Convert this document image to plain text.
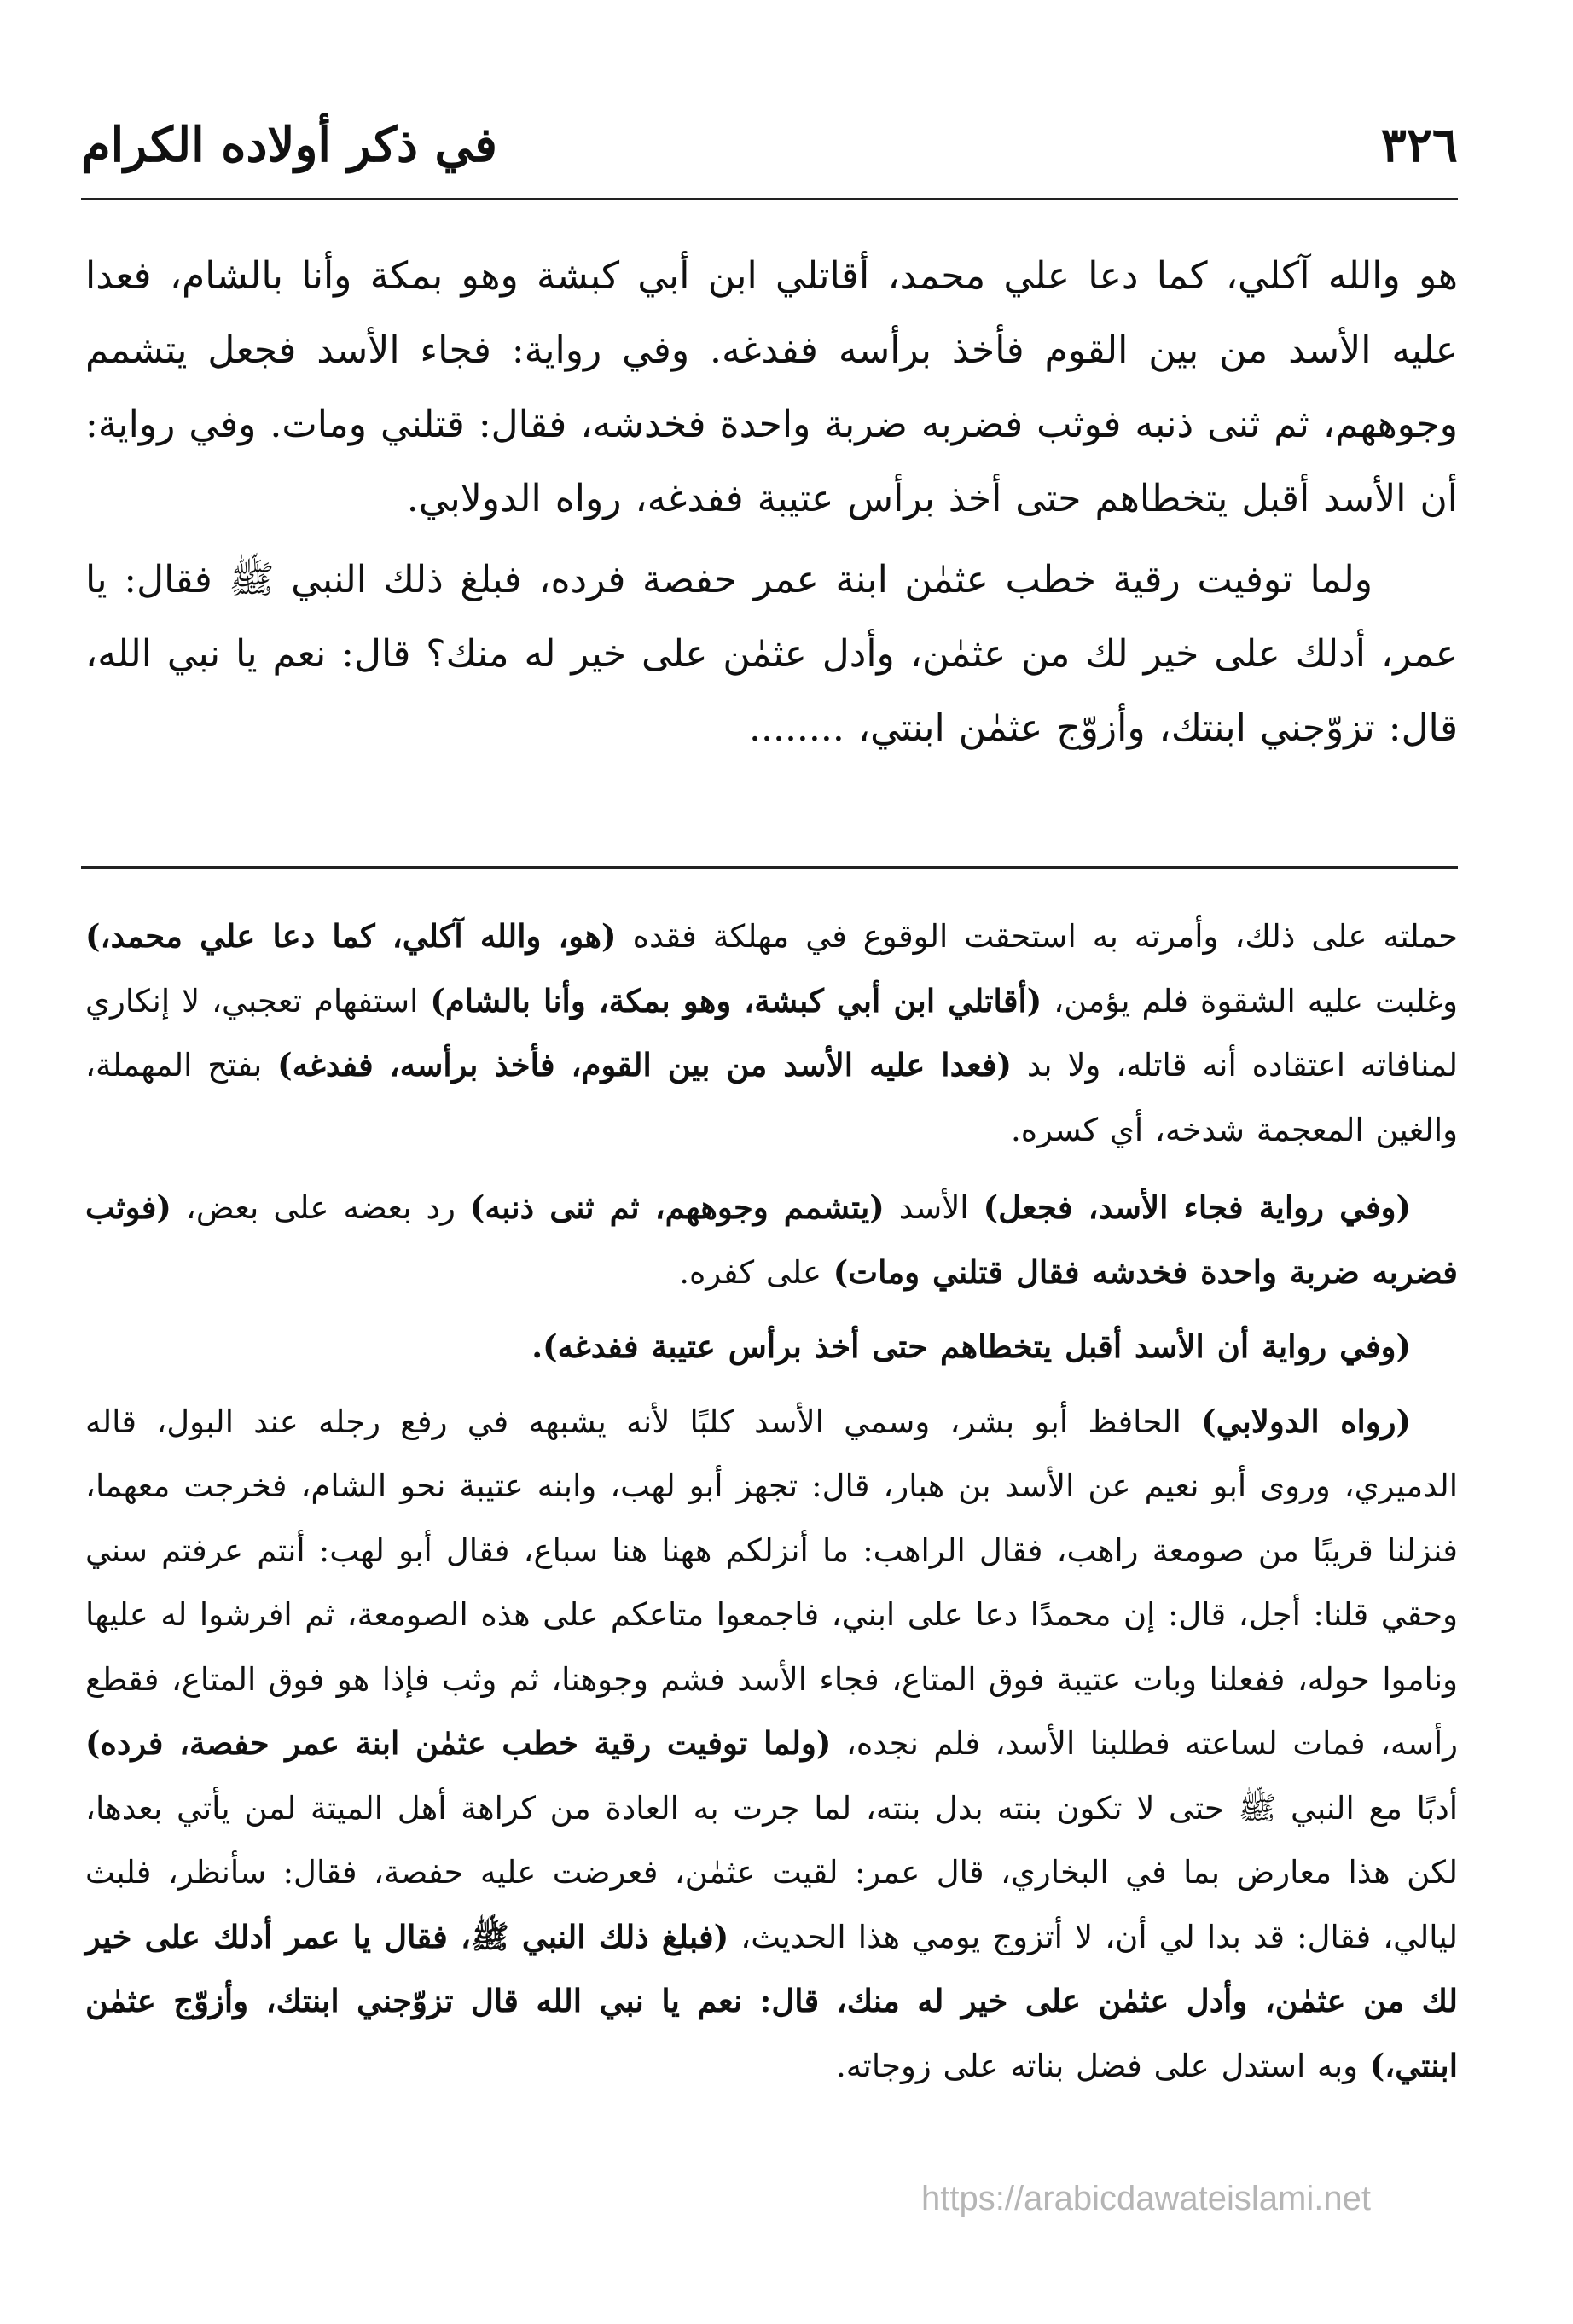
٣٢٦
في ذكر أولاده الكرام

هو والله آكلي، كما دعا علي محمد، أقاتلي ابن أبي كبشة وهو بمكة وأنا بالشام، فعدا عليه الأسد من بين القوم فأخذ برأسه ففدغه. وفي رواية: فجاء الأسد فجعل يتشمم وجوههم، ثم ثنى ذنبه فوثب فضربه ضربة واحدة فخدشه، فقال: قتلني ومات. وفي رواية: أن الأسد أقبل يتخطاهم حتى أخذ برأس عتيبة ففدغه، رواه الدولابي.

ولما توفيت رقية خطب عثمٰن ابنة عمر حفصة فرده، فبلغ ذلك النبي ﷺ فقال: يا عمر، أدلك على خير لك من عثمٰن، وأدل عثمٰن على خير له منك؟ قال: نعم يا نبي الله، قال: تزوّجني ابنتك، وأزوّج عثمٰن ابنتي، ........

حملته على ذلك، وأمرته به استحقت الوقوع في مهلكة فقده (هو، والله آكلي، كما دعا علي محمد،) وغلبت عليه الشقوة فلم يؤمن، (أقاتلي ابن أبي كبشة، وهو بمكة، وأنا بالشام) استفهام تعجبي، لا إنكاري لمنافاته اعتقاده أنه قاتله، ولا بد (فعدا عليه الأسد من بين القوم، فأخذ برأسه، ففدغه) بفتح المهملة، والغين المعجمة شدخه، أي كسره.

(وفي رواية فجاء الأسد، فجعل) الأسد (يتشمم وجوههم، ثم ثنى ذنبه) رد بعضه على بعض، (فوثب فضربه ضربة واحدة فخدشه فقال قتلني ومات) على كفره.

(وفي رواية أن الأسد أقبل يتخطاهم حتى أخذ برأس عتيبة ففدغه).

(رواه الدولابي) الحافظ أبو بشر، وسمي الأسد كلبًا لأنه يشبهه في رفع رجله عند البول، قاله الدميري، وروى أبو نعيم عن الأسد بن هبار، قال: تجهز أبو لهب، وابنه عتيبة نحو الشام، فخرجت معهما، فنزلنا قريبًا من صومعة راهب، فقال الراهب: ما أنزلكم ههنا هنا سباع، فقال أبو لهب: أنتم عرفتم سني وحقي قلنا: أجل، قال: إن محمدًا دعا على ابني، فاجمعوا متاعكم على هذه الصومعة، ثم افرشوا له عليها وناموا حوله، ففعلنا وبات عتيبة فوق المتاع، فجاء الأسد فشم وجوهنا، ثم وثب فإذا هو فوق المتاع، فقطع رأسه، فمات لساعته فطلبنا الأسد، فلم نجده، (ولما توفيت رقية خطب عثمٰن ابنة عمر حفصة، فرده) أدبًا مع النبي ﷺ حتى لا تكون بنته بدل بنته، لما جرت به العادة من كراهة أهل الميتة لمن يأتي بعدها، لكن هذا معارض بما في البخاري، قال عمر: لقيت عثمٰن، فعرضت عليه حفصة، فقال: سأنظر، فلبث ليالي، فقال: قد بدا لي أن، لا أتزوج يومي هذا الحديث، (فبلغ ذلك النبي ﷺ، فقال يا عمر أدلك على خير لك من عثمٰن، وأدل عثمٰن على خير له منك، قال: نعم يا نبي الله قال تزوّجني ابنتك، وأزوّج عثمٰن ابنتي،) وبه استدل على فضل بناته على زوجاته.

https://arabicdawateislami.net
